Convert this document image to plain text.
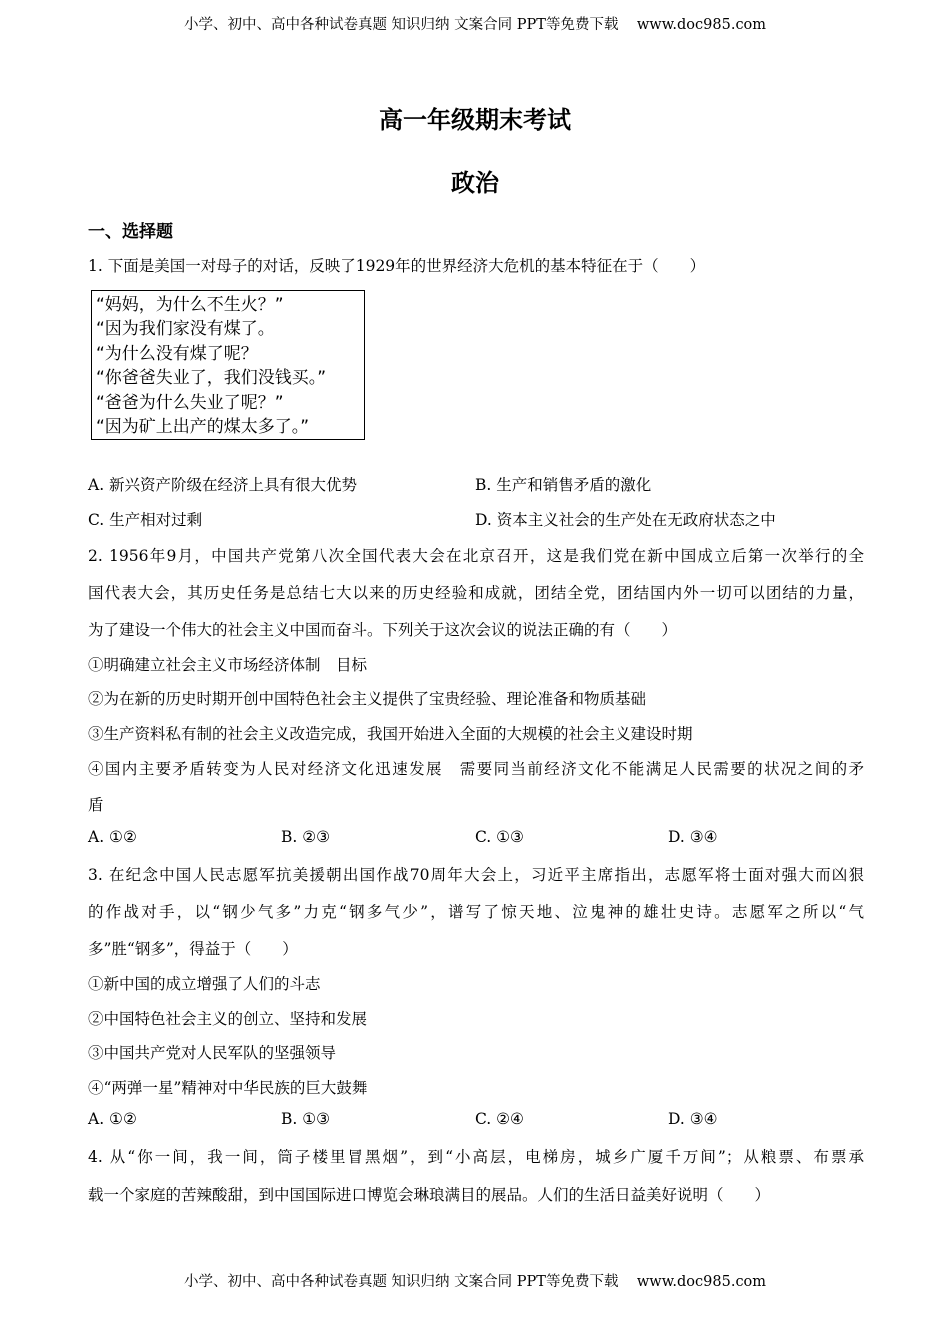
小学、初中、高中各种试卷真题 知识归纳 文案合同 PPT等免费下载    www.doc985.com
高一年级期末考试
政治
一、选择题
1. 下面是美国一对母子的对话，反映了1929年的世界经济大危机的基本特征在于（　　）
“妈妈，为什么不生火？”
“因为我们家没有煤了。
“为什么没有煤了呢？
“你爸爸失业了，我们没钱买。”
“爸爸为什么失业了呢？”
“因为矿上出产的煤太多了。”
A. 新兴资产阶级在经济上具有很大优势	B. 生产和销售矛盾的激化
C. 生产相对过剩	D. 资本主义社会的生产处在无政府状态之中
2. 1956年9月，中国共产党第八次全国代表大会在北京召开，这是我们党在新中国成立后第一次举行的全
国代表大会，其历史任务是总结七大以来的历史经验和成就，团结全党，团结国内外一切可以团结的力量，
为了建设一个伟大的社会主义中国而奋斗。下列关于这次会议的说法正确的有（　　）
①明确建立社会主义市场经济体制　目标
②为在新的历史时期开创中国特色社会主义提供了宝贵经验、理论准备和物质基础
③生产资料私有制的社会主义改造完成，我国开始进入全面的大规模的社会主义建设时期
④国内主要矛盾转变为人民对经济文化迅速发展　需要同当前经济文化不能满足人民需要的状况之间的矛
盾
A. ①②	B. ②③	C. ①③	D. ③④
3. 在纪念中国人民志愿军抗美援朝出国作战70周年大会上，习近平主席指出，志愿军将士面对强大而凶狠
的作战对手，以“钢少气多”力克“钢多气少”，谱写了惊天地、泣鬼神的雄壮史诗。志愿军之所以“气
多”胜“钢多”，得益于（　　）
①新中国的成立增强了人们的斗志
②中国特色社会主义的创立、坚持和发展
③中国共产党对人民军队的坚强领导
④“两弹一星”精神对中华民族的巨大鼓舞
A. ①②	B. ①③	C. ②④	D. ③④
4. 从“你一间，我一间，筒子楼里冒黑烟”，到“小高层，电梯房，城乡广厦千万间”；从粮票、布票承
载一个家庭的苦辣酸甜，到中国国际进口博览会琳琅满目的展品。人们的生活日益美好说明（　　）
小学、初中、高中各种试卷真题 知识归纳 文案合同 PPT等免费下载    www.doc985.com
